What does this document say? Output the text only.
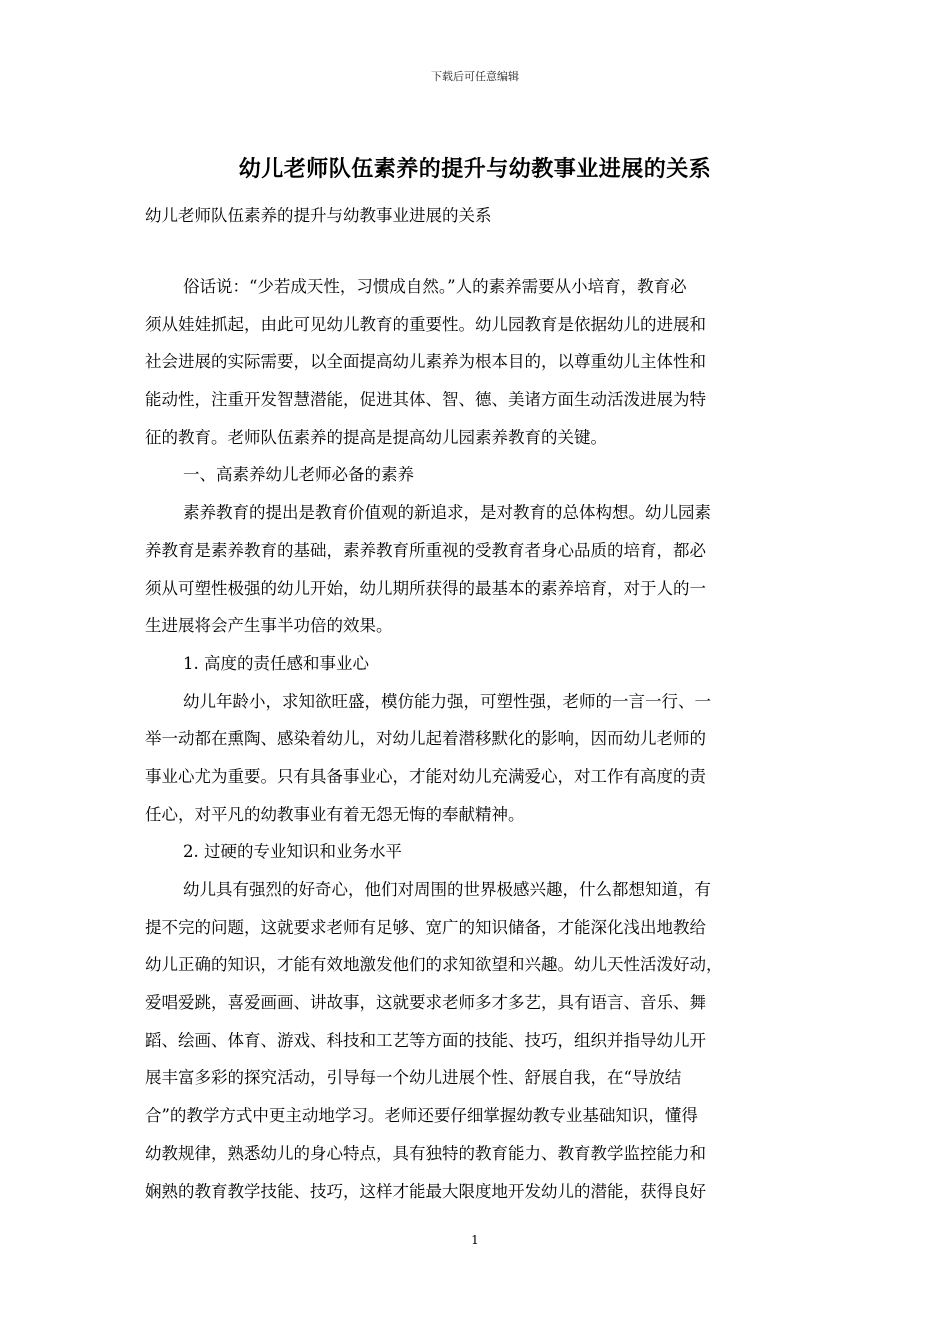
下载后可任意编辑
幼儿老师队伍素养的提升与幼教事业进展的关系
幼儿老师队伍素养的提升与幼教事业进展的关系
俗话说：“少若成天性，习惯成自然。”人的素养需要从小培育，教育必
须从娃娃抓起，由此可见幼儿教育的重要性。幼儿园教育是依据幼儿的进展和
社会进展的实际需要，以全面提高幼儿素养为根本目的，以尊重幼儿主体性和
能动性，注重开发智慧潜能，促进其体、智、德、美诸方面生动活泼进展为特
征的教育。老师队伍素养的提高是提高幼儿园素养教育的关键。
一、高素养幼儿老师必备的素养
素养教育的提出是教育价值观的新追求，是对教育的总体构想。幼儿园素
养教育是素养教育的基础，素养教育所重视的受教育者身心品质的培育，都必
须从可塑性极强的幼儿开始，幼儿期所获得的最基本的素养培育，对于人的一
生进展将会产生事半功倍的效果。
1. 高度的责任感和事业心
幼儿年龄小，求知欲旺盛，模仿能力强，可塑性强，老师的一言一行、一
举一动都在熏陶、感染着幼儿，对幼儿起着潜移默化的影响，因而幼儿老师的
事业心尤为重要。只有具备事业心，才能对幼儿充满爱心，对工作有高度的责
任心，对平凡的幼教事业有着无怨无悔的奉献精神。
2. 过硬的专业知识和业务水平
幼儿具有强烈的好奇心，他们对周围的世界极感兴趣，什么都想知道，有
提不完的问题，这就要求老师有足够、宽广的知识储备，才能深化浅出地教给
幼儿正确的知识，才能有效地激发他们的求知欲望和兴趣。幼儿天性活泼好动，
爱唱爱跳，喜爱画画、讲故事，这就要求老师多才多艺，具有语言、音乐、舞
蹈、绘画、体育、游戏、科技和工艺等方面的技能、技巧，组织并指导幼儿开
展丰富多彩的探究活动，引导每一个幼儿进展个性、舒展自我，在“导放结
合”的教学方式中更主动地学习。老师还要仔细掌握幼教专业基础知识，懂得
幼教规律，熟悉幼儿的身心特点，具有独特的教育能力、教育教学监控能力和
娴熟的教育教学技能、技巧，这样才能最大限度地开发幼儿的潜能，获得良好
1
